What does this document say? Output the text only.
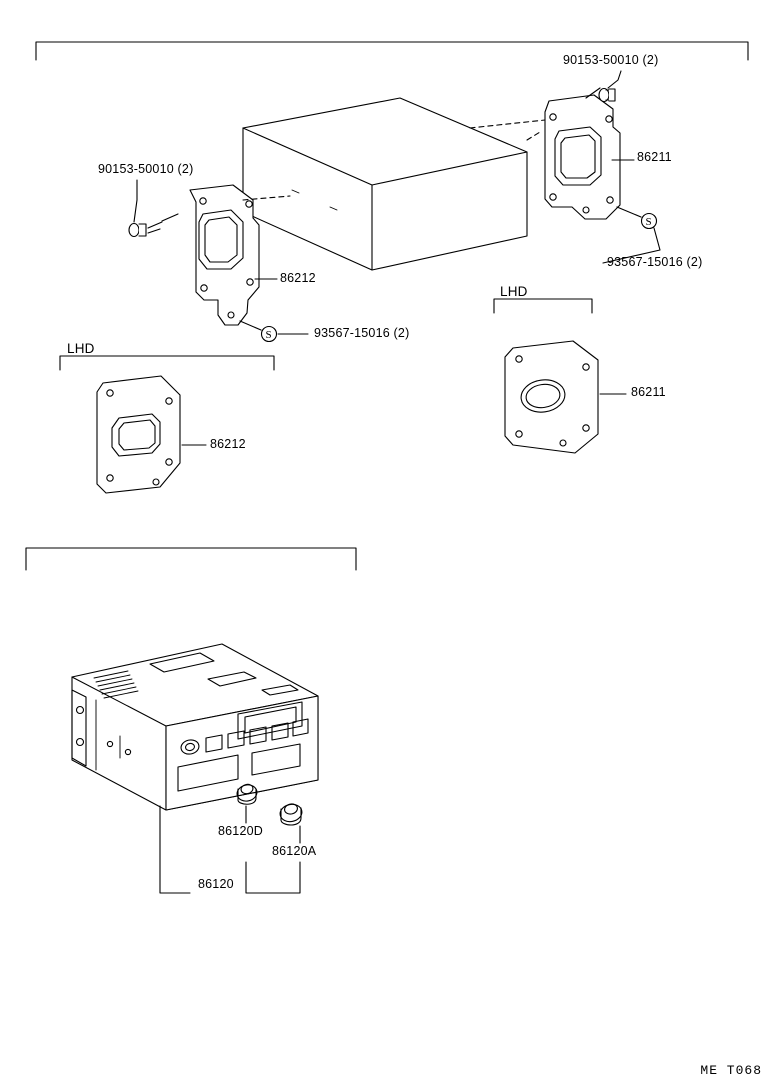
90153-50010 (2)
86211
93567-15016 (2)
90153-50010 (2)
86212
93567-15016 (2)
LHD
86211
LHD
86212
86120D
86120A
86120
S
S
ME T068
